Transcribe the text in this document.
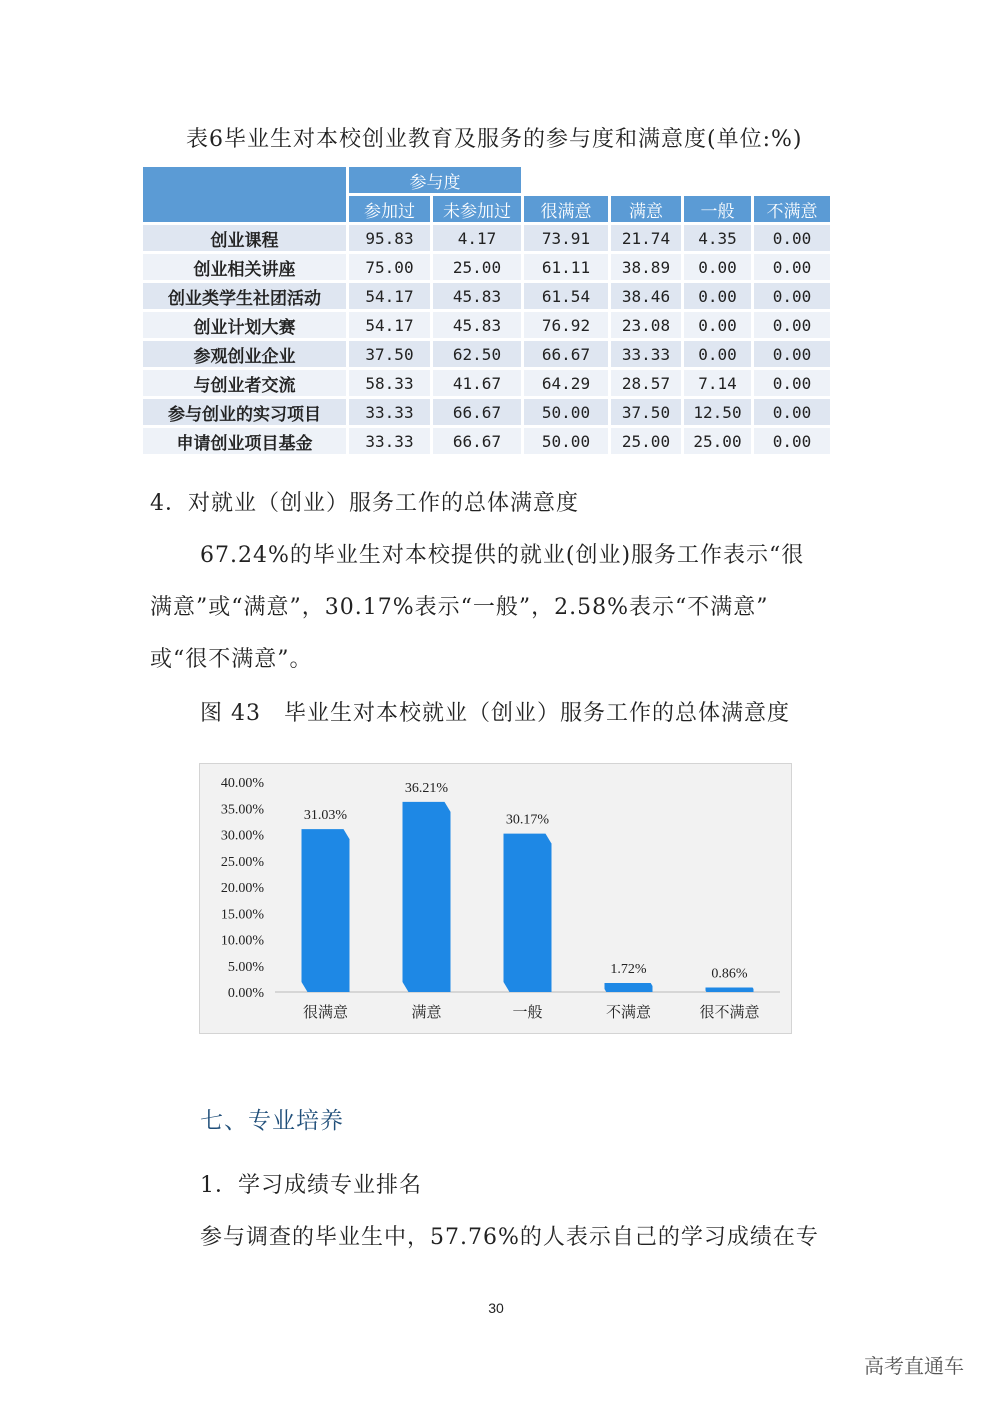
表6毕业生对本校创业教育及服务的参与度和满意度(单位:%)
	参与度					
	参加过	未参加过	很满意	满意	一般	不满意
创业课程	95.83	4.17	73.91	21.74	4.35	0.00
创业相关讲座	75.00	25.00	61.11	38.89	0.00	0.00
创业类学生社团活动	54.17	45.83	61.54	38.46	0.00	0.00
创业计划大赛	54.17	45.83	76.92	23.08	0.00	0.00
参观创业企业	37.50	62.50	66.67	33.33	0.00	0.00
与创业者交流	58.33	41.67	64.29	28.57	7.14	0.00
参与创业的实习项目	33.33	66.67	50.00	37.50	12.50	0.00
申请创业项目基金	33.33	66.67	50.00	25.00	25.00	0.00
4．对就业（创业）服务工作的总体满意度
67.24%的毕业生对本校提供的就业(创业)服务工作表示“很
满意”或“满意”，30.17%表示“一般”，2.58%表示“不满意”
或“很不满意”。
图 43　毕业生对本校就业（创业）服务工作的总体满意度
0.00%
5.00%
10.00%
15.00%
20.00%
25.00%
30.00%
35.00%
40.00%
31.03%
很满意
36.21%
满意
30.17%
一般
1.72%
不满意
0.86%
很不满意
七、专业培养
1．学习成绩专业排名
参与调查的毕业生中，57.76%的人表示自己的学习成绩在专
30
高考直通车
